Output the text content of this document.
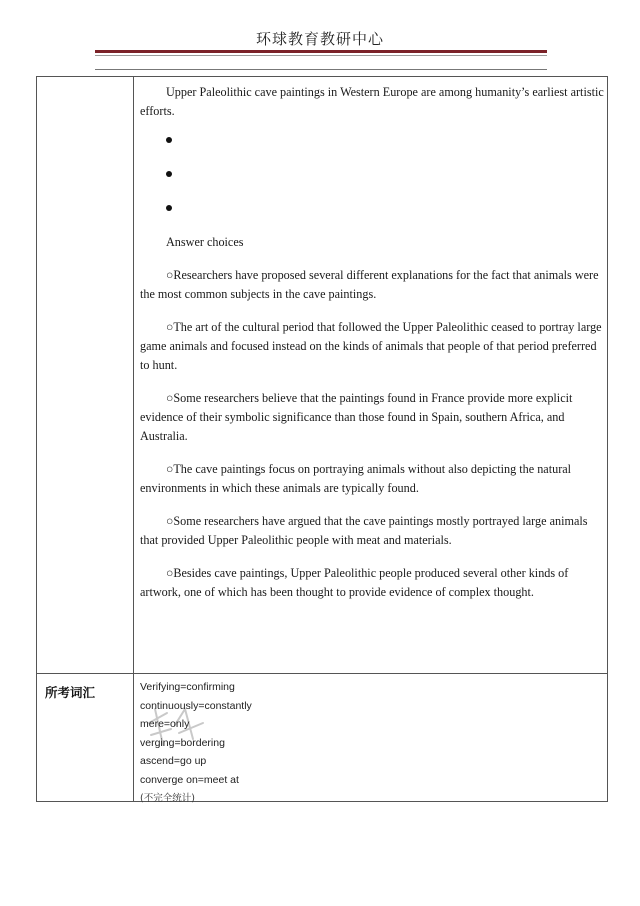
环球教育教研中心

Upper Paleolithic cave paintings in Western Europe are among humanity’s earliest artistic efforts.

Answer choices

○Researchers have proposed several different explanations for the fact that animals were the most common subjects in the cave paintings.

○The art of the cultural period that followed the Upper Paleolithic ceased to portray large game animals and focused instead on the kinds of animals that people of that period preferred to hunt.

○Some researchers believe that the paintings found in France provide more explicit evidence of their symbolic significance than those found in Spain, southern Africa, and Australia.

○The cave paintings focus on portraying animals without also depicting the natural environments in which these animals are typically found.

○Some researchers have argued that the cave paintings mostly portrayed large animals that provided Upper Paleolithic people with meat and materials.

○Besides cave paintings, Upper Paleolithic people produced several other kinds of artwork, one of which has been thought to provide evidence of complex thought.

所考词汇	Verifying=confirming
continuously=constantly
mere=only
verging=bordering
ascend=go up
converge on=meet at
(不完全统计)
